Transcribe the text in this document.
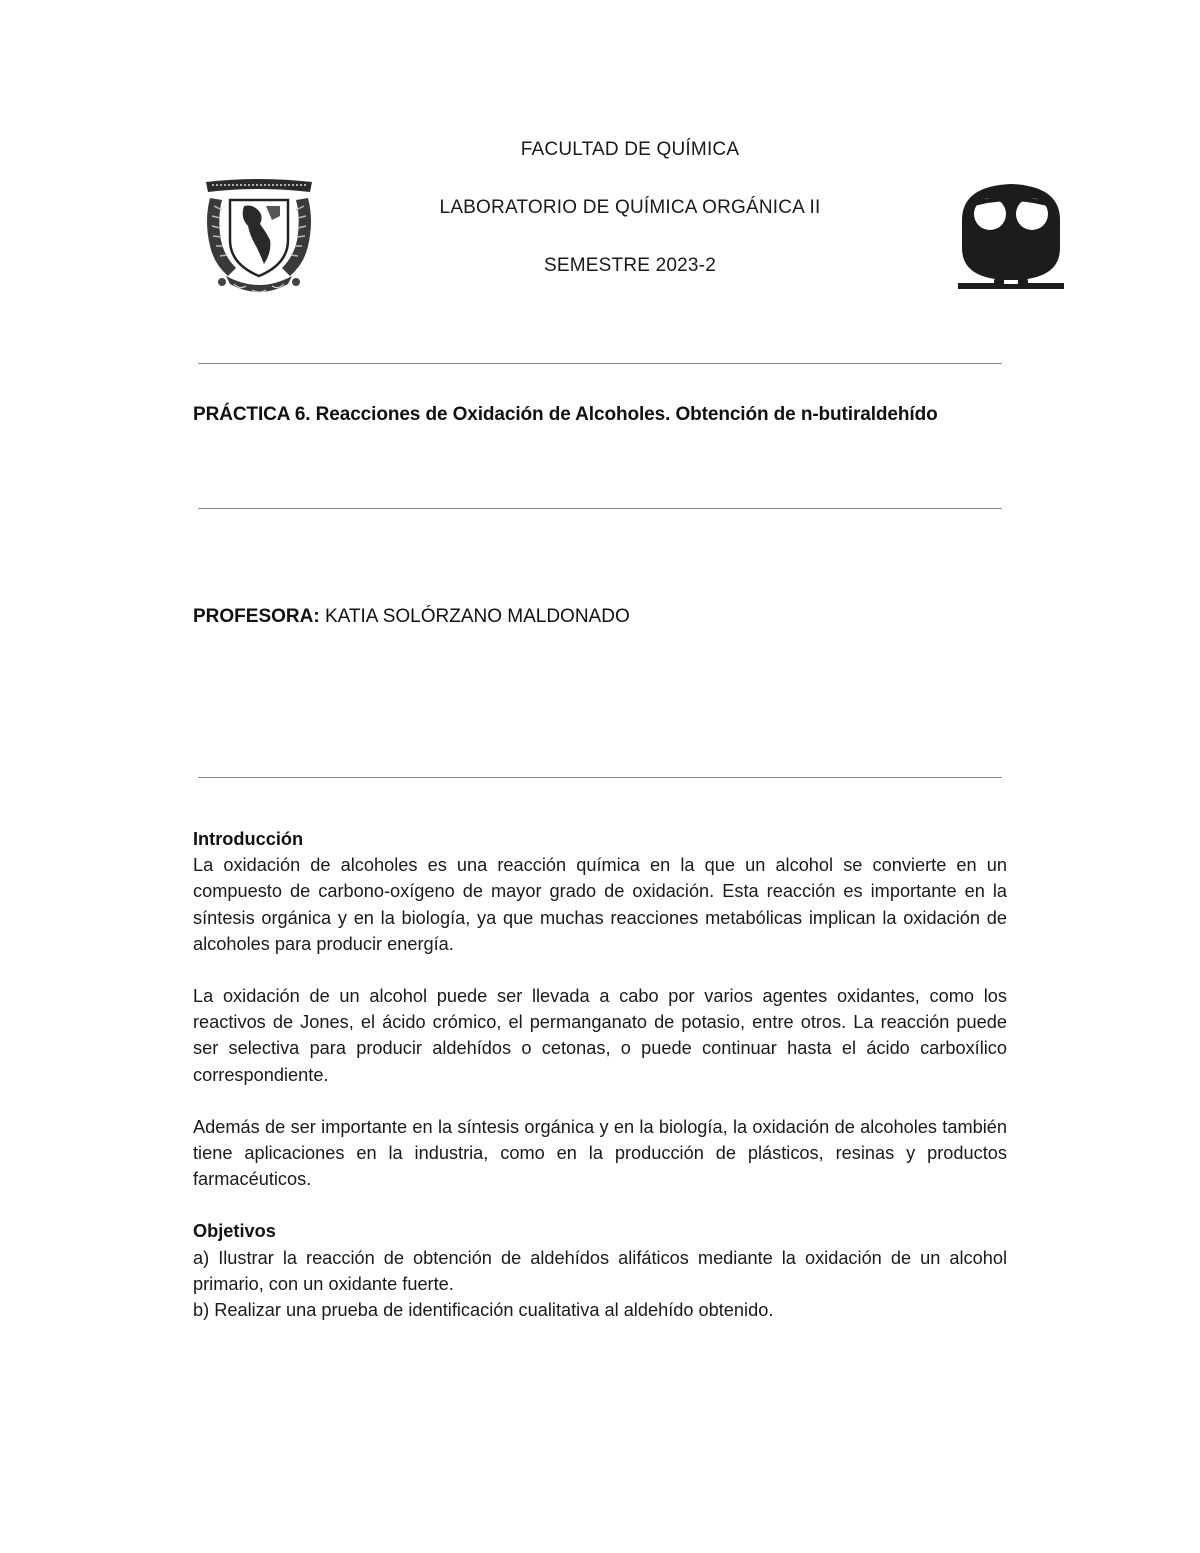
FACULTAD DE QUÍMICA
LABORATORIO DE QUÍMICA ORGÁNICA II
SEMESTRE 2023-2
PRÁCTICA 6. Reacciones de Oxidación de Alcoholes. Obtención de n-butiraldehído
PROFESORA: KATIA SOLÓRZANO MALDONADO
Introducción

La oxidación de alcoholes es una reacción química en la que un alcohol se convierte en un compuesto de carbono-oxígeno de mayor grado de oxidación. Esta reacción es importante en la síntesis orgánica y en la biología, ya que muchas reacciones metabólicas implican la oxidación de alcoholes para producir energía.

La oxidación de un alcohol puede ser llevada a cabo por varios agentes oxidantes, como los reactivos de Jones, el ácido crómico, el permanganato de potasio, entre otros. La reacción puede ser selectiva para producir aldehídos o cetonas, o puede continuar hasta el ácido carboxílico correspondiente.

Además de ser importante en la síntesis orgánica y en la biología, la oxidación de alcoholes también tiene aplicaciones en la industria, como en la producción de plásticos, resinas y productos farmacéuticos.

Objetivos

a) Ilustrar la reacción de obtención de aldehídos alifáticos mediante la oxidación de un alcohol primario, con un oxidante fuerte.

b) Realizar una prueba de identificación cualitativa al aldehído obtenido.
